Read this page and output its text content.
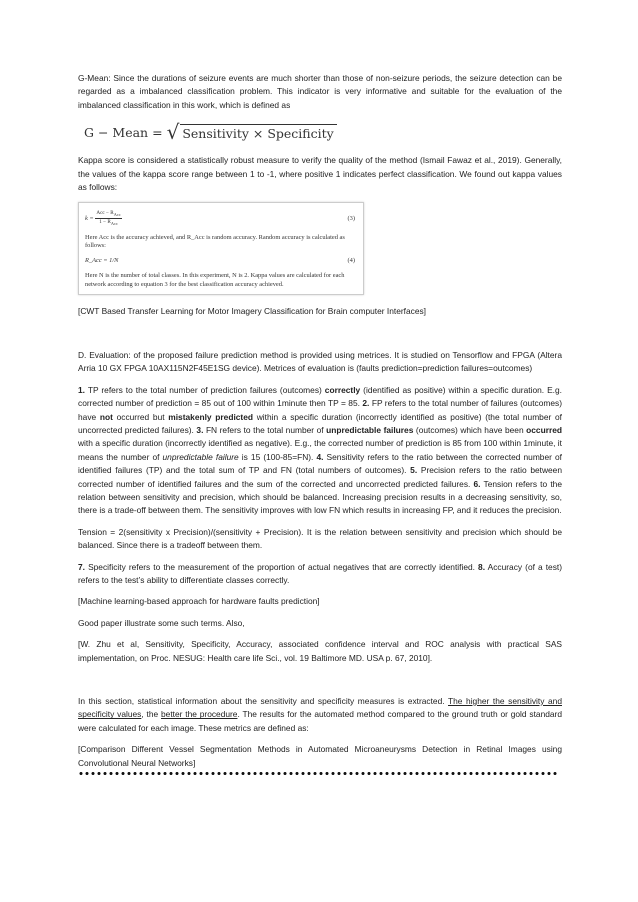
G-Mean: Since the durations of seizure events are much shorter than those of non-seizure periods, the seizure detection can be regarded as a imbalanced classification problem. This indicator is very informative and suitable for the evaluation of the imbalanced classification in this work, which is defined as

G − Mean = √ Sensitivity × Specificity

Kappa score is considered a statistically robust measure to verify the quality of the method (Ismail Fawaz et al., 2019). Generally, the values of the kappa score range between 1 to -1, where positive 1 indicates perfect classification. We found out kappa values as follows:

$k = \frac{Acc - R_{Acc}}{1 - R_{Acc}}$	(3)
Here Acc is the accuracy achieved, and R_Acc is random accuracy. Random accuracy is calculated as follows:
R_Acc = 1/N	(4)
Here N is the number of total classes. In this experiment, N is 2. Kappa values are calculated for each network according to equation 3 for the best classification accuracy achieved.

[CWT Based Transfer Learning for Motor Imagery Classification for Brain computer Interfaces]

D. Evaluation: of the proposed failure prediction method is provided using metrices. It is studied on Tensorflow and FPGA (Altera Arria 10 GX FPGA 10AX115N2F45E1SG device). Metrices of evaluation is (faults prediction=prediction failures=outcomes)

1. TP refers to the total number of prediction failures (outcomes) correctly (identified as positive) within a specific duration. E.g. corrected number of prediction = 85 out of 100 within 1minute then TP = 85. 2. FP refers to the total number of failures (outcomes) have not occurred but mistakenly predicted within a specific duration (incorrectly identified as positive) (the total number of uncorrected predicted failures). 3. FN refers to the total number of unpredictable failures (outcomes) which have been occurred with a specific duration (incorrectly identified as negative). E.g., the corrected number of prediction is 85 from 100 within 1minute, it means the number of unpredictable failure is 15 (100-85=FN). 4. Sensitivity refers to the ratio between the corrected number of identified failures (TP) and the total sum of TP and FN (total numbers of outcomes). 5. Precision refers to the ratio between corrected number of identified failures and the sum of the corrected and uncorrected predicted failures. 6. Tension refers to the relation between sensitivity and precision, which should be balanced. Increasing precision results in a decreasing sensitivity, so, there is a trade-off between them. The sensitivity improves with low FN which results in increasing FP, and it reduces the precision.

Tension = 2(sensitivity x Precision)/(sensitivity + Precision). It is the relation between sensitivity and precision which should be balanced. Since there is a tradeoff between them.

7. Specificity refers to the measurement of the proportion of actual negatives that are correctly identified. 8. Accuracy (of a test) refers to the test’s ability to differentiate classes correctly.

[Machine learning-based approach for hardware faults prediction]

Good paper illustrate some such terms. Also,

[W. Zhu et al, Sensitivity, Specificity, Accuracy, associated confidence interval and ROC analysis with practical SAS implementation, on Proc. NESUG: Health care life Sci., vol. 19 Baltimore MD. USA p. 67, 2010].

In this section, statistical information about the sensitivity and specificity measures is extracted. The higher the sensitivity and specificity values, the better the procedure. The results for the automated method compared to the ground truth or gold standard were calculated for each image. These metrics are defined as:

[Comparison Different Vessel Segmentation Methods in Automated Microaneurysms Detection in Retinal Images using Convolutional Neural Networks]
